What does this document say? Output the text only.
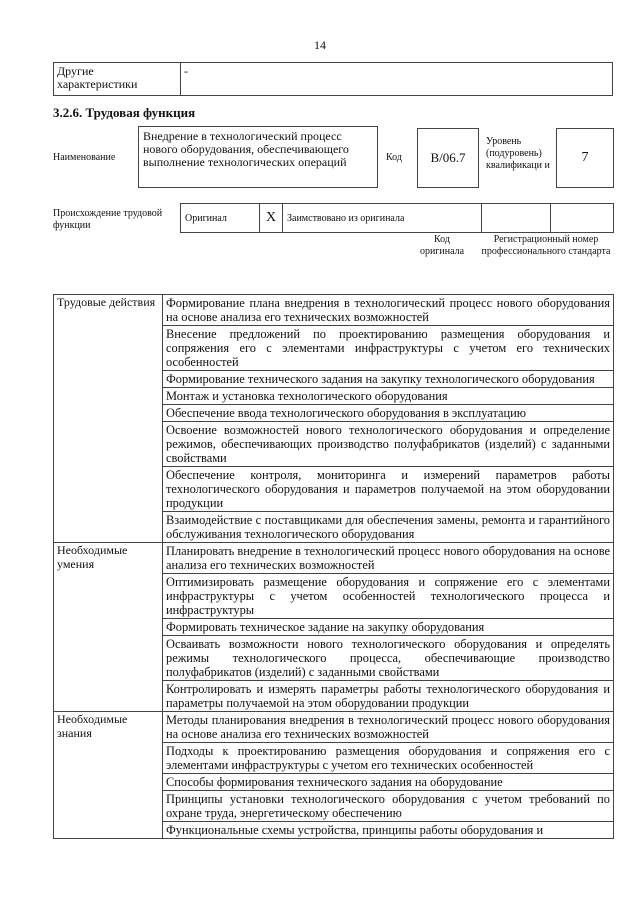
14
Другие характеристики	-
3.2.6. Трудовая функция
Наименование
Внедрение в технологический процесс нового оборудования, обеспечивающего выполнение технологических операций	Код	B/06.7
Уровень (подуровень) квалификаци и
7
Происхождение трудовой функции
Оригинал	X	Заимствовано из оригинала		
Код оригинала
Регистрационный номер профессионального стандарта
Трудовые действия	Формирование плана внедрения в технологический процесс нового оборудования на основе анализа его технических возможностей
	Внесение предложений по проектированию размещения оборудования и сопряжения его с элементами инфраструктуры с учетом его технических особенностей
	Формирование технического задания на закупку технологического оборудования
	Монтаж и установка технологического оборудования
	Обеспечение ввода технологического оборудования в эксплуатацию
	Освоение возможностей нового технологического оборудования и определение режимов, обеспечивающих производство полуфабрикатов (изделий) с заданными свойствами
	Обеспечение контроля, мониторинга и измерений параметров работы технологического оборудования и параметров получаемой на этом оборудовании продукции
	Взаимодействие с поставщиками для обеспечения замены, ремонта и гарантийного обслуживания технологического оборудования
Необходимые умения	Планировать внедрение в технологический процесс нового оборудования на основе анализа его технических возможностей
	Оптимизировать размещение оборудования и сопряжение его с элементами инфраструктуры с учетом особенностей технологического процесса и инфраструктуры
	Формировать техническое задание на закупку оборудования
	Осваивать возможности нового технологического оборудования и определять режимы технологического процесса, обеспечивающие производство полуфабрикатов (изделий) с заданными свойствами
	Контролировать и измерять параметры работы технологического оборудования и параметры получаемой на этом оборудовании продукции
Необходимые знания	Методы планирования внедрения в технологический процесс нового оборудования на основе анализа его технических возможностей
	Подходы к проектированию размещения оборудования и сопряжения его с элементами инфраструктуры с учетом его технических особенностей
	Способы формирования технического задания на оборудование
	Принципы установки технологического оборудования с учетом требований по охране труда, энергетическому обеспечению
	Функциональные схемы устройства, принципы работы оборудования и
